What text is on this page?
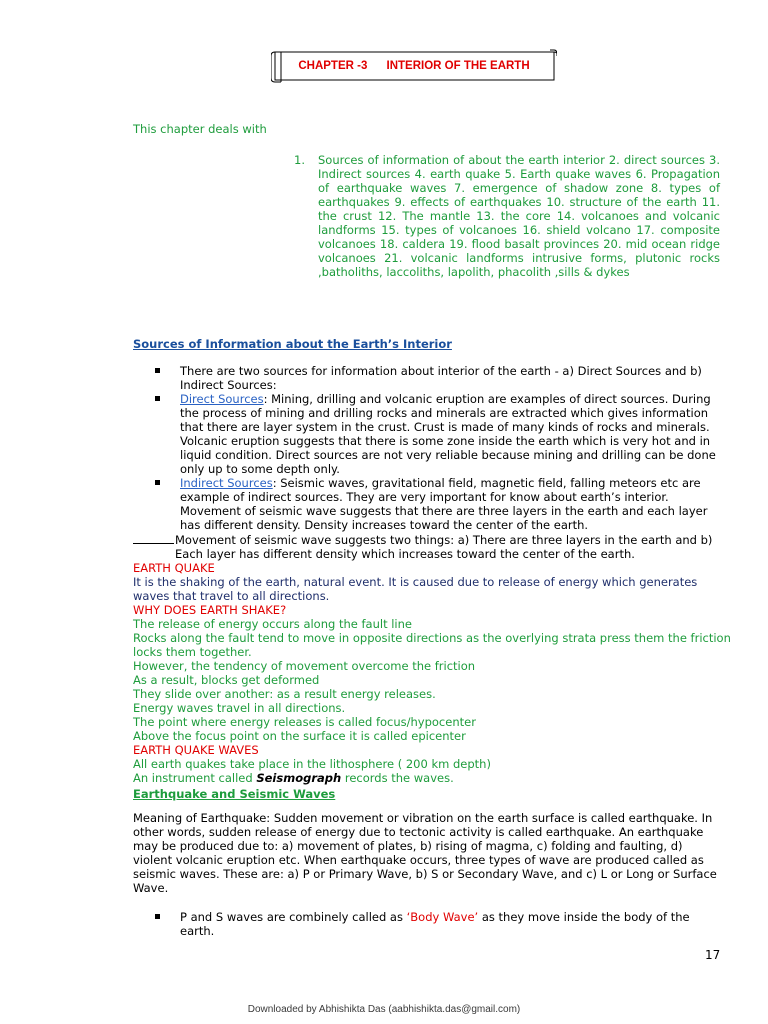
CHAPTER -3 INTERIOR OF THE EARTH
This chapter deals with
1. Sources of information of about the earth interior 2. direct sources 3. Indirect sources 4. earth quake 5. Earth quake waves 6. Propagation of earthquake waves 7. emergence of shadow zone 8. types of earthquakes 9. effects of earthquakes 10. structure of the earth 11. the crust 12. The mantle 13. the core 14. volcanoes and volcanic landforms 15. types of volcanoes 16. shield volcano 17. composite volcanoes 18. caldera 19. flood basalt provinces 20. mid ocean ridge volcanoes 21. volcanic landforms intrusive forms, plutonic rocks ,batholiths, laccoliths, lapolith, phacolith ,sills & dykes
Sources of Information about the Earth’s Interior
There are two sources for information about interior of the earth - a) Direct Sources and b) Indirect Sources:
Direct Sources: Mining, drilling and volcanic eruption are examples of direct sources. During the process of mining and drilling rocks and minerals are extracted which gives information that there are layer system in the crust. Crust is made of many kinds of rocks and minerals. Volcanic eruption suggests that there is some zone inside the earth which is very hot and in liquid condition. Direct sources are not very reliable because mining and drilling can be done only up to some depth only.
Indirect Sources: Seismic waves, gravitational field, magnetic field, falling meteors etc are example of indirect sources. They are very important for know about earth’s interior. Movement of seismic wave suggests that there are three layers in the earth and each layer has different density. Density increases toward the center of the earth.
Movement of seismic wave suggests two things: a) There are three layers in the earth and b)
Each layer has different density which increases toward the center of the earth.
EARTH QUAKE
It is the shaking of the earth, natural event. It is caused due to release of energy which generates waves that travel to all directions.
WHY DOES EARTH SHAKE?
The release of energy occurs along the fault line
Rocks along the fault tend to move in opposite directions as the overlying strata press them the friction locks them together.
However, the tendency of movement overcome the friction
As a result, blocks get deformed
They slide over another: as a result energy releases.
Energy waves travel in all directions.
The point where energy releases is called focus/hypocenter
Above the focus point on the surface it is called epicenter
EARTH QUAKE WAVES
All earth quakes take place in the lithosphere ( 200 km depth)
An instrument called Seismograph records the waves.
Earthquake and Seismic Waves
Meaning of Earthquake: Sudden movement or vibration on the earth surface is called earthquake. In other words, sudden release of energy due to tectonic activity is called earthquake. An earthquake may be produced due to: a) movement of plates, b) rising of magma, c) folding and faulting, d) violent volcanic eruption etc. When earthquake occurs, three types of wave are produced called as seismic waves. These are: a) P or Primary Wave, b) S or Secondary Wave, and c) L or Long or Surface Wave.
P and S waves are combinely called as ‘Body Wave’ as they move inside the body of the earth.
17
Downloaded by Abhishikta Das (aabhishikta.das@gmail.com)
